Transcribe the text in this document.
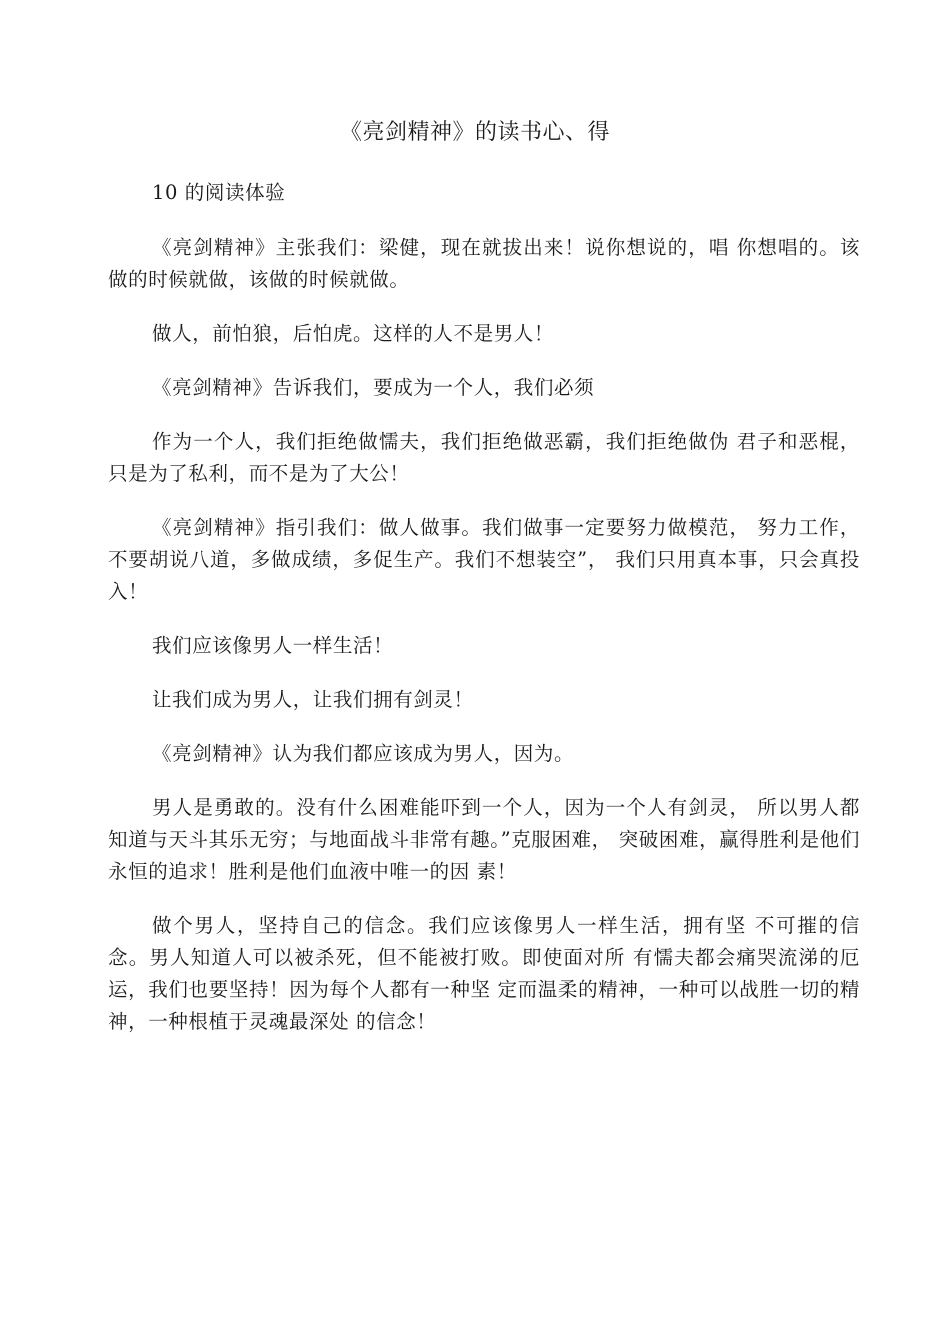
《亮剑精神》的读书心、得

10 的阅读体验

《亮剑精神》主张我们：梁健，现在就拔出来！说你想说的，唱 你想唱的。该做的时候就做，该做的时候就做。

做人，前怕狼，后怕虎。这样的人不是男人！

《亮剑精神》告诉我们，要成为一个人，我们必须

作为一个人，我们拒绝做懦夫，我们拒绝做恶霸，我们拒绝做伪 君子和恶棍，只是为了私利，而不是为了大公！

《亮剑精神》指引我们：做人做事。我们做事一定要努力做模范， 努力工作，不要胡说八道，多做成绩，多促生产。我们不想装空”， 我们只用真本事，只会真投入！

我们应该像男人一样生活！

让我们成为男人，让我们拥有剑灵！

《亮剑精神》认为我们都应该成为男人，因为。

男人是勇敢的。没有什么困难能吓到一个人，因为一个人有剑灵， 所以男人都知道与天斗其乐无穷；与地面战斗非常有趣。”克服困难， 突破困难，赢得胜利是他们永恒的追求！胜利是他们血液中唯一的因 素！

做个男人，坚持自己的信念。我们应该像男人一样生活，拥有坚 不可摧的信念。男人知道人可以被杀死，但不能被打败。即使面对所 有懦夫都会痛哭流涕的厄运，我们也要坚持！因为每个人都有一种坚 定而温柔的精神，一种可以战胜一切的精神，一种根植于灵魂最深处 的信念！
